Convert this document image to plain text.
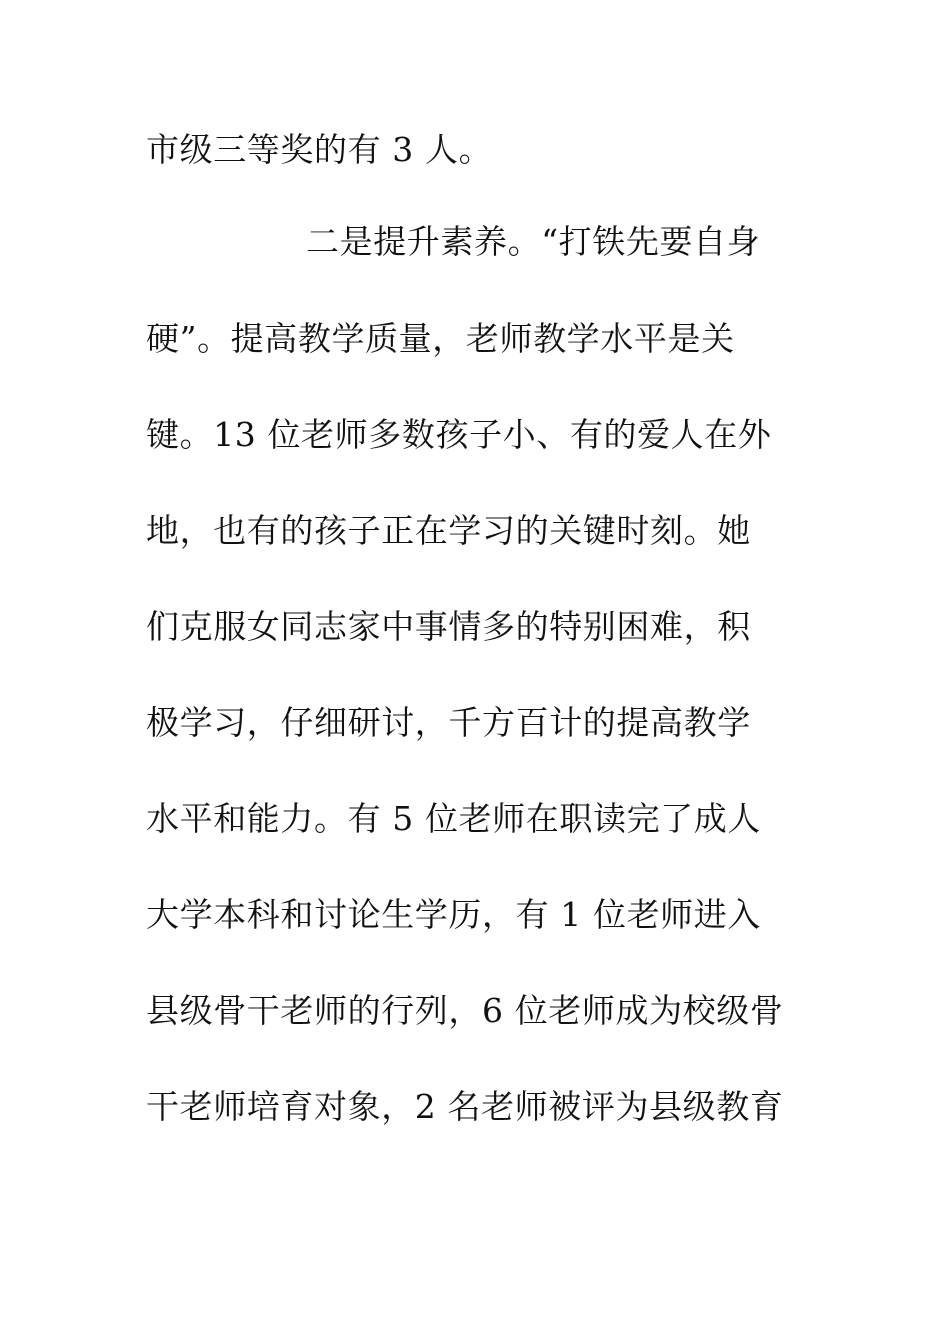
市级三等奖的有 3 人。
二是提升素养。“打铁先要自身
硬”。提高教学质量，老师教学水平是关
键。13 位老师多数孩子小、有的爱人在外
地，也有的孩子正在学习的关键时刻。她
们克服女同志家中事情多的特别困难，积
极学习，仔细研讨，千方百计的提高教学
水平和能力。有 5 位老师在职读完了成人
大学本科和讨论生学历，有 1 位老师进入
县级骨干老师的行列，6 位老师成为校级骨
干老师培育对象，2 名老师被评为县级教育
